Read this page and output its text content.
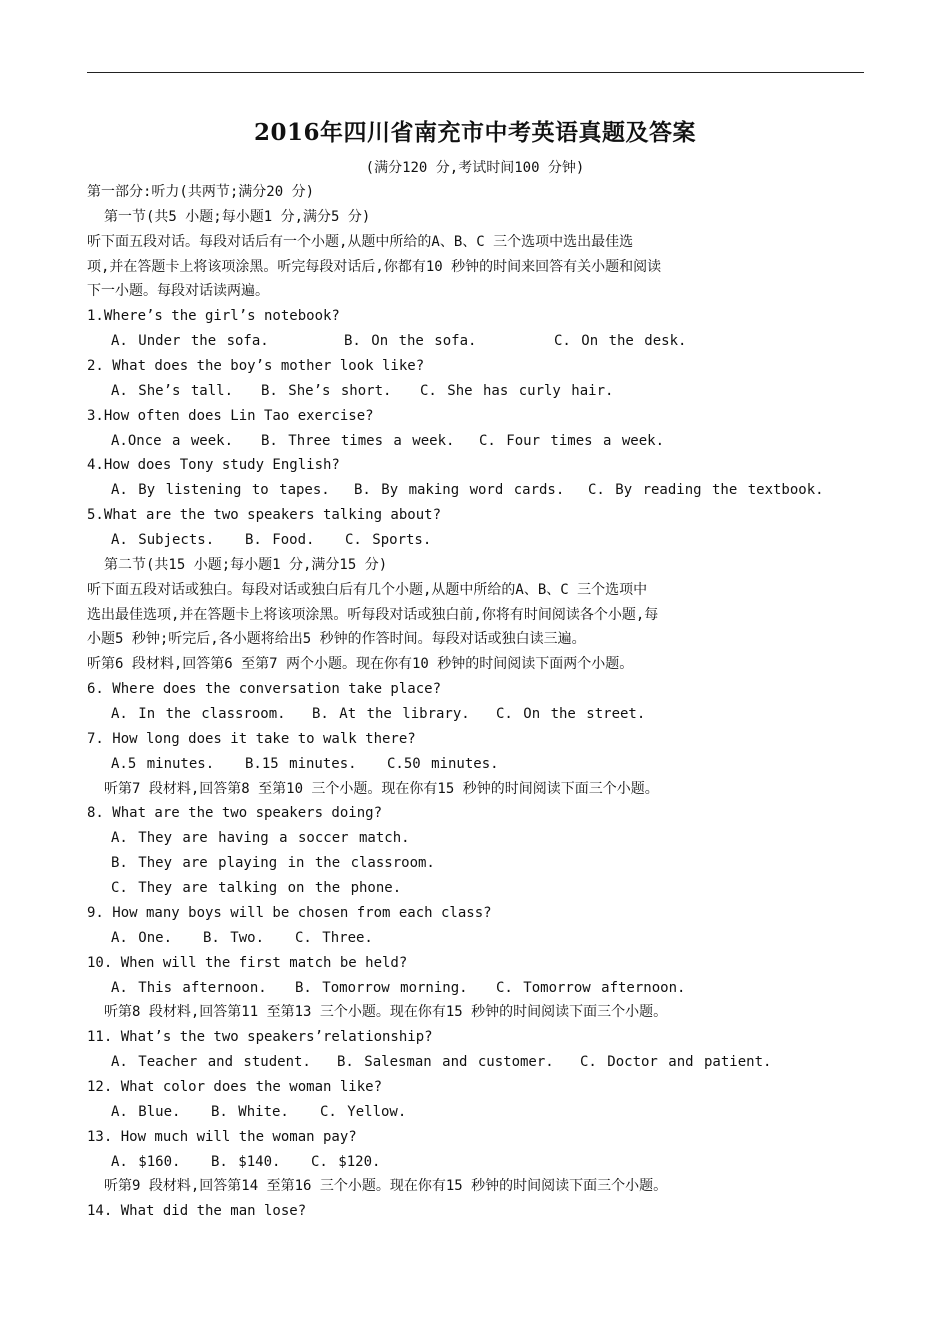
2016年四川省南充市中考英语真题及答案
(满分120 分,考试时间100 分钟)
第一部分:听力(共两节;满分20 分)
第一节(共5 小题;每小题1 分,满分5 分)
听下面五段对话。每段对话后有一个小题,从题中所给的A、B、C 三个选项中选出最佳选
项,并在答题卡上将该项涂黑。听完每段对话后,你都有10 秒钟的时间来回答有关小题和阅读
下一小题。每段对话读两遍。
1.Where’s the girl’s notebook?
A. Under the sofa.	B. On the sofa.	C. On the desk.
2. What does the boy’s mother look like?
A. She’s tall. B. She’s short. C. She has curly hair.
3.How often does Lin Tao exercise?
A.Once a week. B. Three times a week. C. Four times a week.
4.How does Tony study English?
A. By listening to tapes. B. By making word cards. C. By reading the textbook.
5.What are the two speakers talking about?
A. Subjects. B. Food. C. Sports.
第二节(共15 小题;每小题1 分,满分15 分)
听下面五段对话或独白。每段对话或独白后有几个小题,从题中所给的A、B、C 三个选项中
选出最佳选项,并在答题卡上将该项涂黑。听每段对话或独白前,你将有时间阅读各个小题,每
小题5 秒钟;听完后,各小题将给出5 秒钟的作答时间。每段对话或独白读三遍。
听第6 段材料,回答第6 至第7 两个小题。现在你有10 秒钟的时间阅读下面两个小题。
6. Where does the conversation take place?
A. In the classroom. B. At the library. C. On the street.
7. How long does it take to walk there?
A.5 minutes. B.15 minutes. C.50 minutes.
听第7 段材料,回答第8 至第10 三个小题。现在你有15 秒钟的时间阅读下面三个小题。
8. What are the two speakers doing?
A. They are having a soccer match.
B. They are playing in the classroom.
C. They are talking on the phone.
9. How many boys will be chosen from each class?
A. One. B. Two. C. Three.
10. When will the first match be held?
A. This afternoon. B. Tomorrow morning. C. Tomorrow afternoon.
听第8 段材料,回答第11 至第13 三个小题。现在你有15 秒钟的时间阅读下面三个小题。
11. What’s the two speakers’relationship?
A. Teacher and student. B. Salesman and customer. C. Doctor and patient.
12. What color does the woman like?
A. Blue. B. White. C. Yellow.
13. How much will the woman pay?
A. $160. B. $140. C. $120.
听第9 段材料,回答第14 至第16 三个小题。现在你有15 秒钟的时间阅读下面三个小题。
14. What did the man lose?
